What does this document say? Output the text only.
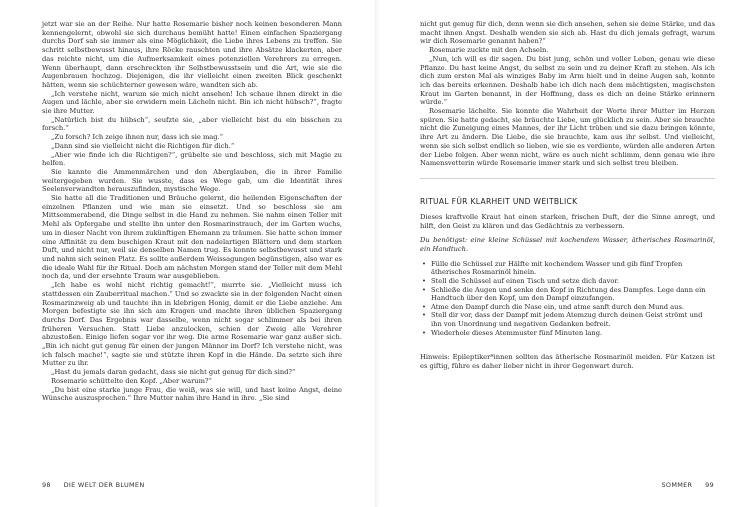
jetzt war sie an der Reihe. Nur hatte Rosemarie bisher noch keinen besonderen Mann kennengelernt, obwohl sie sich durchaus bemüht hatte! Einen einfachen Spaziergang durchs Dorf sah sie immer als eine Möglichkeit, die Liebe ihres Lebens zu treffen. Sie schritt selbstbewusst hinaus, ihre Röcke rauschten und ihre Absätze klackerten, aber das reichte nicht, um die Aufmerksamkeit eines potenziellen Verehrers zu erregen. Wenn überhaupt, dann erschreckten ihr Selbstbewusstsein und die Art, wie sie die Augenbrauen hochzog. Diejenigen, die ihr vielleicht einen zweiten Blick geschenkt hätten, wenn sie schüchterner gewesen wäre, wandten sich ab.

„Ich verstehe nicht, warum sie mich nicht ansehen! Ich schaue ihnen direkt in die Augen und lächle, aber sie erwidern mein Lächeln nicht. Bin ich nicht hübsch?“, fragte sie ihre Mutter.

„Natürlich bist du hübsch“, seufzte sie, „aber vielleicht bist du ein bisschen zu forsch.“

„Zu forsch? Ich zeige ihnen nur, dass ich sie mag.“

„Dann sind sie vielleicht nicht die Richtigen für dich.“

„Aber wie finde ich die Richtigen?“, grübelte sie und beschloss, sich mit Magie zu helfen.

Sie kannte die Ammenmärchen und den Aberglauben, die in ihrer Familie weitergegeben wurden. Sie wusste, dass es Wege gab, um die Identität ihres Seelenverwandten herauszufinden, mystische Wege.

Sie hatte all die Traditionen und Bräuche gelernt, die heilenden Eigenschaften der einzelnen Pflanzen und wie man sie einsetzt. Und so beschloss sie am Mittsommerabend, die Dinge selbst in die Hand zu nehmen. Sie nahm einen Teller mit Mehl als Opfergabe und stellte ihn unter den Rosmarinstrauch, der im Garten wuchs, um in dieser Nacht von ihrem zukünftigen Ehemann zu träumen. Sie hatte schon immer eine Affinität zu dem buschigen Kraut mit den nadelartigen Blättern und dem starken Duft, und nicht nur, weil sie denselben Namen trug. Es konnte selbstbewusst und stark und nahm sich seinen Platz. Es sollte außerdem Weissagungen begünstigen, also war es die ideale Wahl für ihr Ritual. Doch am nächsten Morgen stand der Teller mit dem Mehl noch da, und der ersehnte Traum war ausgeblieben.

„Ich habe es wohl nicht richtig gemacht!“, murrte sie. „Vielleicht muss ich stattdessen ein Zauberritual machen.“ Und so zwackte sie in der folgenden Nacht einen Rosmarinzweig ab und tauchte ihn in klebrigen Honig, damit er die Liebe anziehe. Am Morgen befestigte sie ihn sich am Kragen und machte ihren üblichen Spaziergang durchs Dorf. Das Ergebnis war dasselbe, wenn nicht sogar schlimmer als bei ihren früheren Versuchen. Statt Liebe anzulocken, schien der Zweig alle Verehrer abzustoßen. Einige liefen sogar vor ihr weg. Die arme Rosemarie war ganz außer sich. „Bin ich nicht gut genug für einen der jungen Männer im Dorf? Ich verstehe nicht, was ich falsch mache!“, sagte sie und stützte ihren Kopf in die Hände. Da setzte sich ihre Mutter zu ihr.

„Hast du jemals daran gedacht, dass sie nicht gut genug für dich sind?“

Rosemarie schüttelte den Kopf. „Aber warum?“

„Du bist eine starke junge Frau, die weiß, was sie will, und hast keine Angst, deine Wünsche auszusprechen.“ Ihre Mutter nahm ihre Hand in ihre. „Sie sind

98 DIE WELT DER BLUMEN

nicht gut genug für dich, denn wenn sie dich ansehen, sehen sie deine Stärke, und das macht ihnen Angst. Deshalb wenden sie sich ab. Hast du dich jemals gefragt, warum wir dich Rosemarie genannt haben?“

Rosemarie zuckte mit den Achseln.

„Nun, ich will es dir sagen. Du bist jung, schön und voller Leben, genau wie diese Pflanze. Du hast keine Angst, du selbst zu sein und zu deiner Kraft zu stehen. Als ich dich zum ersten Mal als winziges Baby im Arm hielt und in deine Augen sah, konnte ich das bereits erkennen. Deshalb habe ich dich nach dem mächtigsten, magischsten Kraut im Garten benannt, in der Hoffnung, dass es dich an deine Stärke erinnern würde.“

Rosemarie lächelte. Sie konnte die Wahrheit der Worte ihrer Mutter im Herzen spüren. Sie hatte gedacht, sie bräuchte Liebe, um glücklich zu sein. Aber sie brauchte nicht die Zuneigung eines Mannes, der ihr Licht trüben und sie dazu bringen könnte, ihre Art zu ändern. Die Liebe, die sie brauchte, kam aus ihr selbst. Und vielleicht, wenn sie sich selbst endlich so lieben, wie sie es verdiente, würden alle anderen Arten der Liebe folgen. Aber wenn nicht, wäre es auch nicht schlimm, denn genau wie ihre Namensvetterin würde Rosemarie immer stark und sich selbst treu bleiben.

RITUAL FÜR KLARHEIT UND WEITBLICK

Dieses kraftvolle Kraut hat einen starken, frischen Duft, der die Sinne anregt, und hilft, den Geist zu klären und das Gedächtnis zu verbessern.

Du benötigst: eine kleine Schüssel mit kochendem Wasser, ätherisches Rosmarinöl, ein Handtuch.

• Fülle die Schüssel zur Hälfte mit kochendem Wasser und gib fünf Tropfen ätherisches Rosmarinöl hinein.
• Stell die Schüssel auf einen Tisch und setze dich davor.
• Schließe die Augen und senke den Kopf in Richtung des Dampfes. Lege dann ein Handtuch über den Kopf, um den Dampf einzufangen.
• Atme den Dampf durch die Nase ein, und atme sanft durch den Mund aus.
• Stell dir vor, dass der Dampf mit jedem Atemzug durch deinen Geist strömt und ihn von Unordnung und negativen Gedanken befreit.
• Wiederhole dieses Atemmuster fünf Minuten lang.

Hinweis: Epileptiker*innen sollten das ätherische Rosmarinöl meiden. Für Katzen ist es giftig, führe es daher lieber nicht in ihrer Gegenwart durch.

SOMMER 99
